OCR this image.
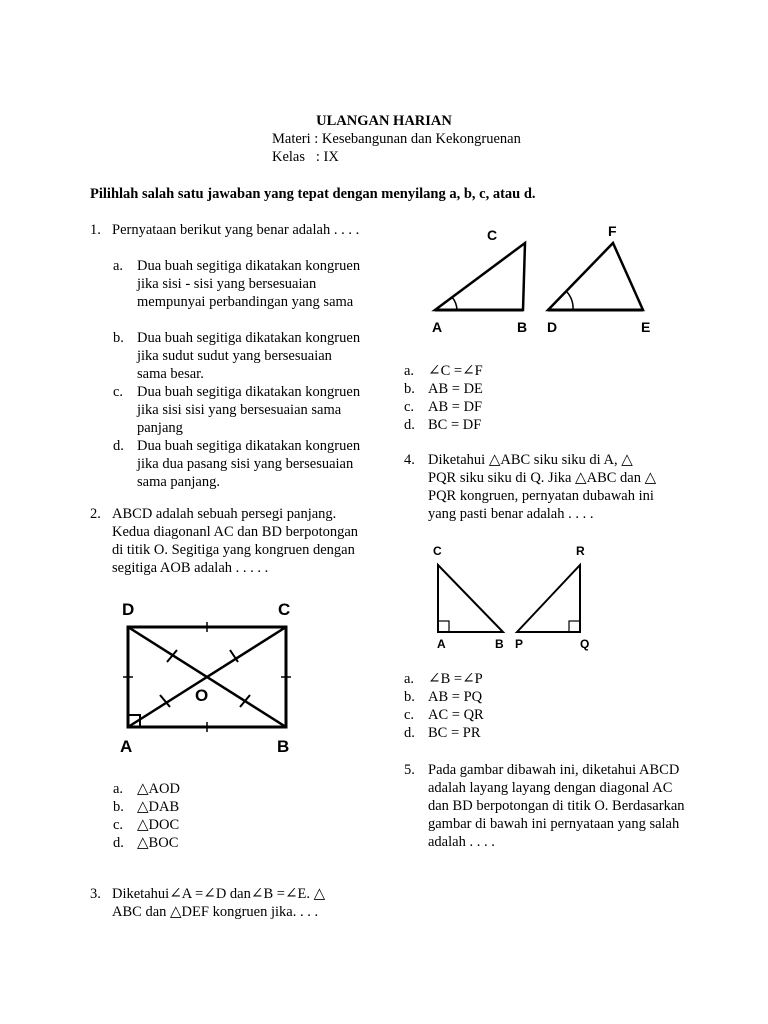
ULANGAN HARIAN
Materi : Kesebangunan dan Kekongruenan
Kelas   : IX
Pilihlah salah satu jawaban yang tepat dengan menyilang a, b, c, atau d.
1. Pernyataan berikut yang benar adalah . . . .
a. Dua buah segitiga dikatakan kongruen jika sisi - sisi yang bersesuaian mempunyai perbandingan yang sama
b. Dua buah segitiga dikatakan kongruen jika sudut sudut yang bersesuaian sama besar.
c. Dua buah segitiga dikatakan kongruen jika sisi sisi yang bersesuaian sama panjang
d. Dua buah segitiga dikatakan kongruen jika dua pasang sisi yang bersesuaian sama panjang.
2. ABCD adalah sebuah persegi panjang. Kedua diagonanl AC dan BD berpotongan di titik O. Segitiga yang kongruen dengan segitiga AOB adalah . . . . .
D	C
A	B
O
a. △AOD
b. △DAB
c. △DOC
d. △BOC
3. Diketahui∠A =∠D dan∠B =∠E. △
ABC dan △DEF kongruen jika. . . .
C	F
A	B D	E
a. ∠C =∠F
b. AB = DE
c. AB = DF
d. BC = DF
4. Diketahui △ABC siku siku di A, △
PQR siku siku di Q. Jika △ABC dan △
PQR kongruen, pernyatan dubawah ini
yang pasti benar adalah . . . .
C	R
A	B P	Q
a. ∠B =∠P
b. AB = PQ
c. AC = QR
d. BC = PR
5. Pada gambar dibawah ini, diketahui ABCD adalah layang layang dengan diagonal AC dan BD berpotongan di titik O. Berdasarkan gambar di bawah ini pernyataan yang salah adalah . . . .
